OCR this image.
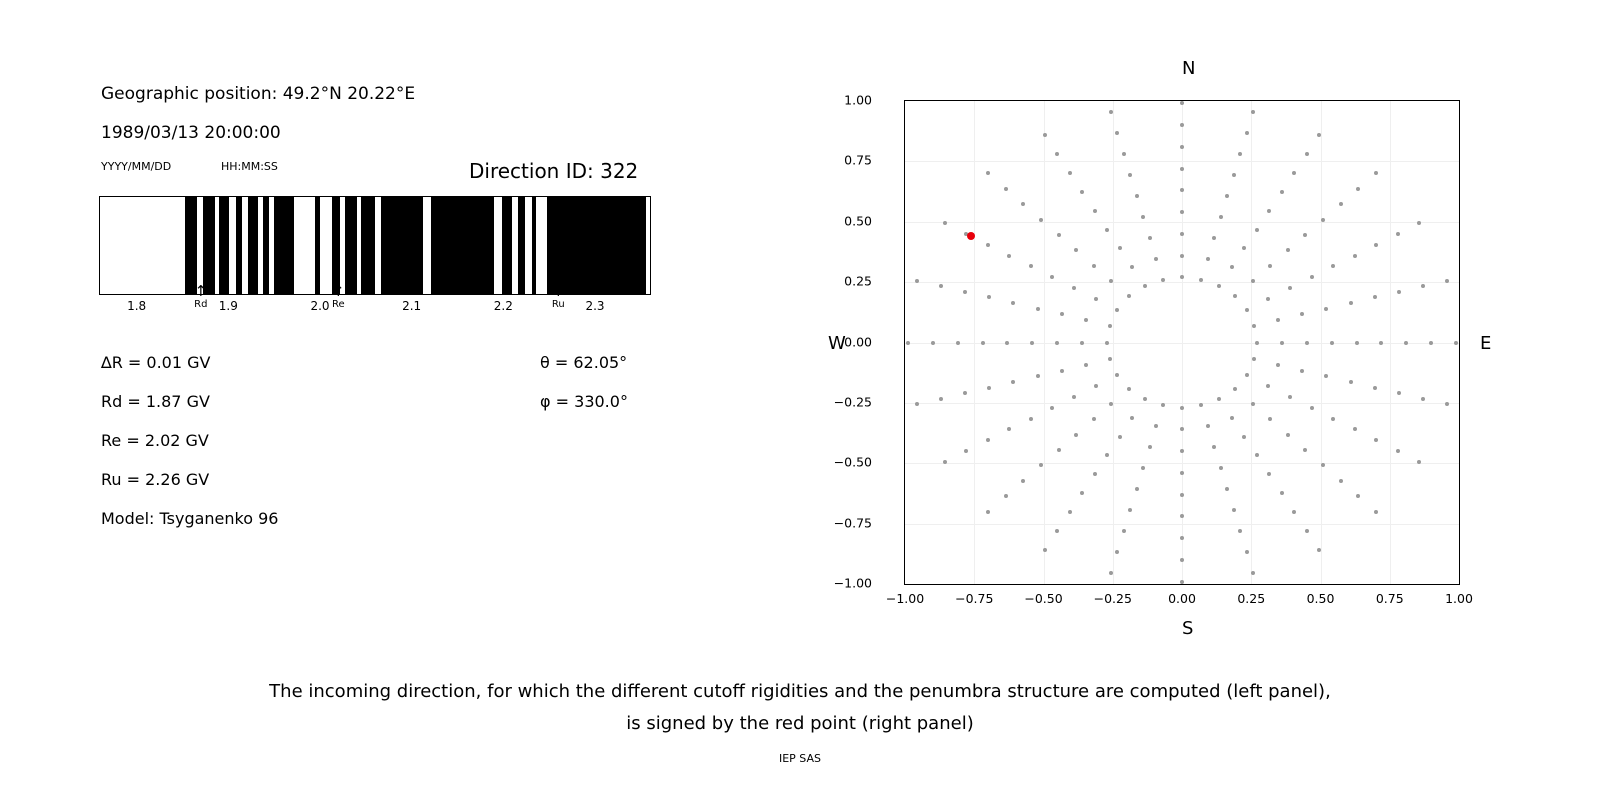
Geographic position: 49.2°N 20.22°E
1989/03/13 20:00:00
YYYY/MM/DD	HH:MM:SS	Direction ID: 322
1.8	1.9	2.0	2.1	2.2	2.3
↑
Rd
↑
Re
↑
Ru
∆R = 0.01 GV
Rd = 1.87 GV
Re = 2.02 GV
Ru = 2.26 GV
Model: Tsyganenko 96
θ = 62.05°
φ = 330.0°
N
S
W	E
−1.00
−0.75
−0.50
−0.25
0.00
0.25
0.50
0.75
1.00
−1.00	−0.75	−0.50	−0.25	0.00	0.25	0.50	0.75	1.00
The incoming direction, for which the different cutoff rigidities and the penumbra structure are computed (left panel),
is signed by the red point (right panel)
IEP SAS
